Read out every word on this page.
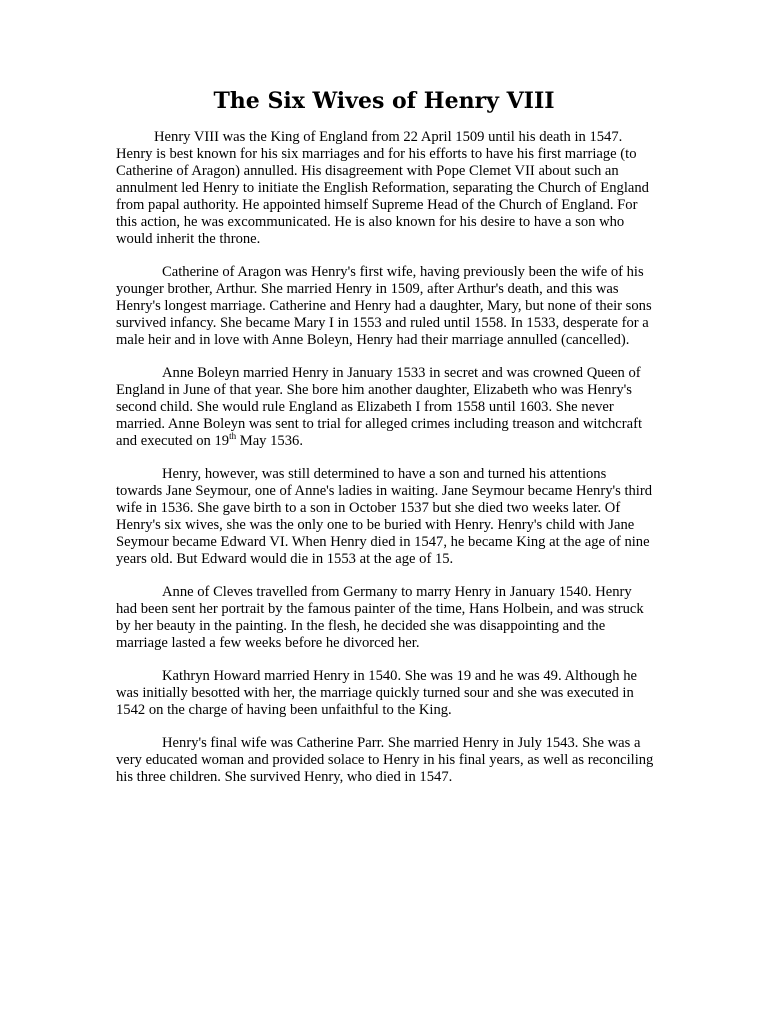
The Six Wives of Henry VIII

Henry VIII was the King of England from 22 April 1509 until his death in 1547. Henry is best known for his six marriages and for his efforts to have his first marriage (to Catherine of Aragon) annulled. His disagreement with Pope Clemet VII about such an annulment led Henry to initiate the English Reformation, separating the Church of England from papal authority. He appointed himself Supreme Head of the Church of England. For this action, he was excommunicated. He is also known for his desire to have a son who would inherit the throne.

Catherine of Aragon was Henry's first wife, having previously been the wife of his younger brother, Arthur. She married Henry in 1509, after Arthur's death, and this was Henry's longest marriage. Catherine and Henry had a daughter, Mary, but none of their sons survived infancy. She became Mary I in 1553 and ruled until 1558. In 1533, desperate for a male heir and in love with Anne Boleyn, Henry had their marriage annulled (cancelled).

Anne Boleyn married Henry in January 1533 in secret and was crowned Queen of England in June of that year. She bore him another daughter, Elizabeth who was Henry's second child. She would rule England as Elizabeth I from 1558 until 1603. She never married. Anne Boleyn was sent to trial for alleged crimes including treason and witchcraft and executed on 19th May 1536.

Henry, however, was still determined to have a son and turned his attentions towards Jane Seymour, one of Anne's ladies in waiting. Jane Seymour became Henry's third wife in 1536. She gave birth to a son in October 1537 but she died two weeks later. Of Henry's six wives, she was the only one to be buried with Henry. Henry's child with Jane Seymour became Edward VI. When Henry died in 1547, he became King at the age of nine years old. But Edward would die in 1553 at the age of 15.

Anne of Cleves travelled from Germany to marry Henry in January 1540. Henry had been sent her portrait by the famous painter of the time, Hans Holbein, and was struck by her beauty in the painting. In the flesh, he decided she was disappointing and the marriage lasted a few weeks before he divorced her.

Kathryn Howard married Henry in 1540. She was 19 and he was 49. Although he was initially besotted with her, the marriage quickly turned sour and she was executed in 1542 on the charge of having been unfaithful to the King.

Henry's final wife was Catherine Parr. She married Henry in July 1543. She was a very educated woman and provided solace to Henry in his final years, as well as reconciling his three children. She survived Henry, who died in 1547.
